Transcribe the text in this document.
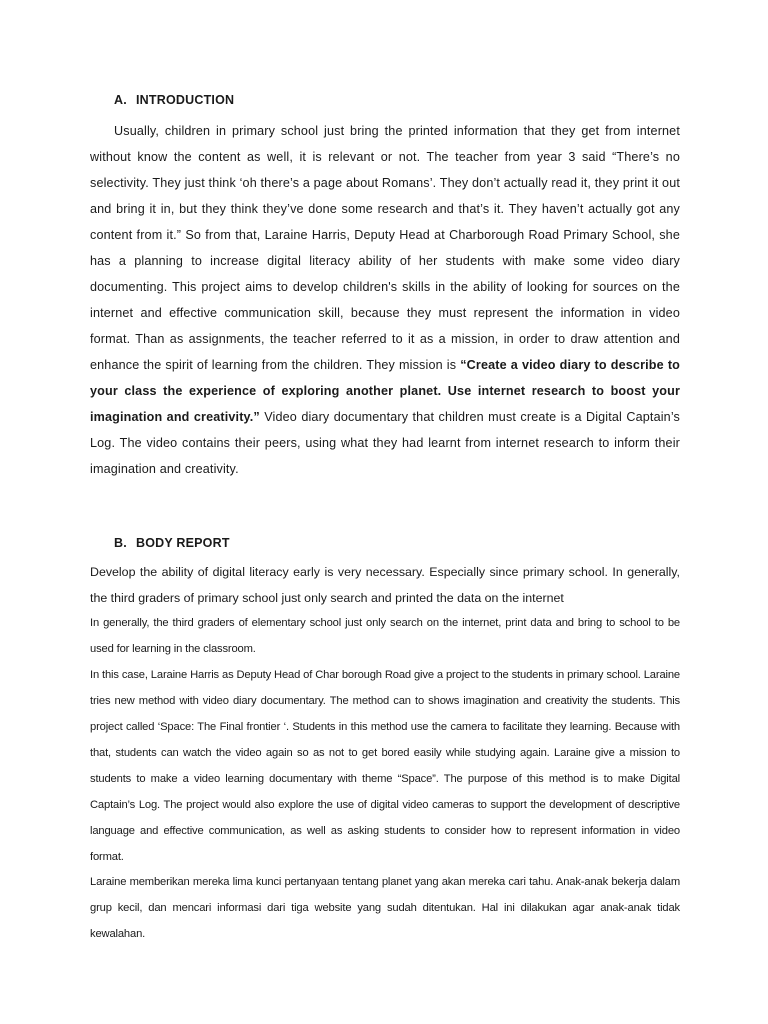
A. INTRODUCTION

Usually, children in primary school just bring the printed information that they get from internet without know the content as well, it is relevant or not. The teacher from year 3 said “There’s no selectivity. They just think ‘oh there’s a page about Romans’. They don’t actually read it, they print it out and bring it in, but they think they’ve done some research and that’s it. They haven’t actually got any content from it.” So from that, Laraine Harris, Deputy Head at Charborough Road Primary School, she has a planning to increase digital literacy ability of her students with make some video diary documenting. This project aims to develop children's skills in the ability of looking for sources on the internet and effective communication skill, because they must represent the information in video format. Than as assignments, the teacher referred to it as a mission, in order to draw attention and enhance the spirit of learning from the children. They mission is “Create a video diary to describe to your class the experience of exploring another planet. Use internet research to boost your imagination and creativity.” Video diary documentary that children must create is a Digital Captain’s Log. The video contains their peers, using what they had learnt from internet research to inform their imagination and creativity.

B. BODY REPORT
Develop the ability of digital literacy early is very necessary. Especially since primary school. In generally, the third graders of primary school just only search and printed the data on the internet

In generally, the third graders of elementary school just only search on the internet, print data and bring to school to be used for learning in the classroom.

In this case, Laraine Harris as Deputy Head of Char borough Road give a project to the students in primary school. Laraine tries new method with video diary documentary. The method can to shows imagination and creativity the students. This project called ‘Space: The Final frontier ‘. Students in this method use the camera to facilitate they learning. Because with that, students can watch the video again so as not to get bored easily while studying again. Laraine give a mission to students to make a video learning documentary with theme “Space”. The purpose of this method is to make Digital Captain’s Log. The project would also explore the use of digital video cameras to support the development of descriptive language and effective communication, as well as asking students to consider how to represent information in video format.

Laraine memberikan mereka lima kunci pertanyaan tentang planet yang akan mereka cari tahu. Anak-anak bekerja dalam grup kecil, dan mencari informasi dari tiga website yang sudah ditentukan. Hal ini dilakukan agar anak-anak tidak kewalahan.
